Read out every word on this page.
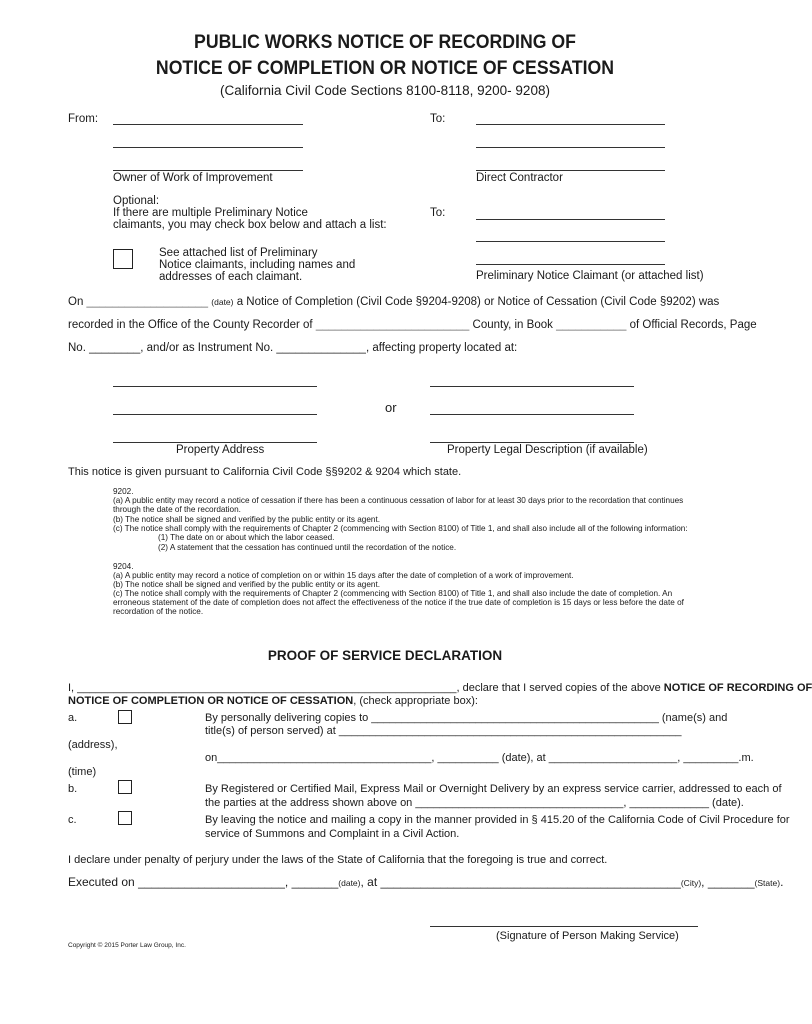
PUBLIC WORKS NOTICE OF RECORDING OF
NOTICE OF COMPLETION OR NOTICE OF CESSATION
(California Civil Code Sections 8100-8118, 9200- 9208)
From:
Owner of Work of Improvement
To:
Direct Contractor
Optional:
If there are multiple Preliminary Notice
claimants, you may check box below and attach a list:
To:
Preliminary Notice Claimant (or attached list)
See attached list of Preliminary
Notice claimants, including names and
addresses of each claimant.
On ___________________ (date) a Notice of Completion (Civil Code §9204-9208) or Notice of Cessation (Civil Code §9202) was
recorded in the Office of the County Recorder of ________________________ County, in Book ___________ of Official Records, Page
No. ________, and/or as Instrument No. ______________, affecting property located at:
Property Address
or
Property Legal Description (if available)
This notice is given pursuant to California Civil Code §§9202 & 9204 which state.
9202.
(a) A public entity may record a notice of cessation if there has been a continuous cessation of labor for at least 30 days prior to the recordation that continues through the date of the recordation.
(b) The notice shall be signed and verified by the public entity or its agent.
(c) The notice shall comply with the requirements of Chapter 2 (commencing with Section 8100) of Title 1, and shall also include all of the following information:
(1) The date on or about which the labor ceased.
(2) A statement that the cessation has continued until the recordation of the notice.
9204.
(a) A public entity may record a notice of completion on or within 15 days after the date of completion of a work of improvement.
(b) The notice shall be signed and verified by the public entity or its agent.
(c) The notice shall comply with the requirements of Chapter 2 (commencing with Section 8100) of Title 1, and shall also include the date of completion. An erroneous statement of the date of completion does not affect the effectiveness of the notice if the true date of completion is 15 days or less before the date of recordation of the notice.
PROOF OF SERVICE DECLARATION
I, ______________________________________________________________, declare that I served copies of the above NOTICE OF RECORDING OF
NOTICE OF COMPLETION OR NOTICE OF CESSATION, (check appropriate box):
a.	By personally delivering copies to _______________________________________________ (name(s) and
title(s) of person served) at ________________________________________________________
(address),
on___________________________________, __________ (date), at _____________________, _________.m.
(time)
b.	By Registered or Certified Mail, Express Mail or Overnight Delivery by an express service carrier, addressed to each of
the parties at the address shown above on __________________________________, _____________ (date).
c.	By leaving the notice and mailing a copy in the manner provided in § 415.20 of the California Code of Civil Procedure for
service of Summons and Complaint in a Civil Action.
I declare under penalty of perjury under the laws of the State of California that the foregoing is true and correct.
Executed on ______________________, _______(date), at _____________________________________________(City), _______(State).
(Signature of Person Making Service)
Copyright © 2015 Porter Law Group, Inc.
